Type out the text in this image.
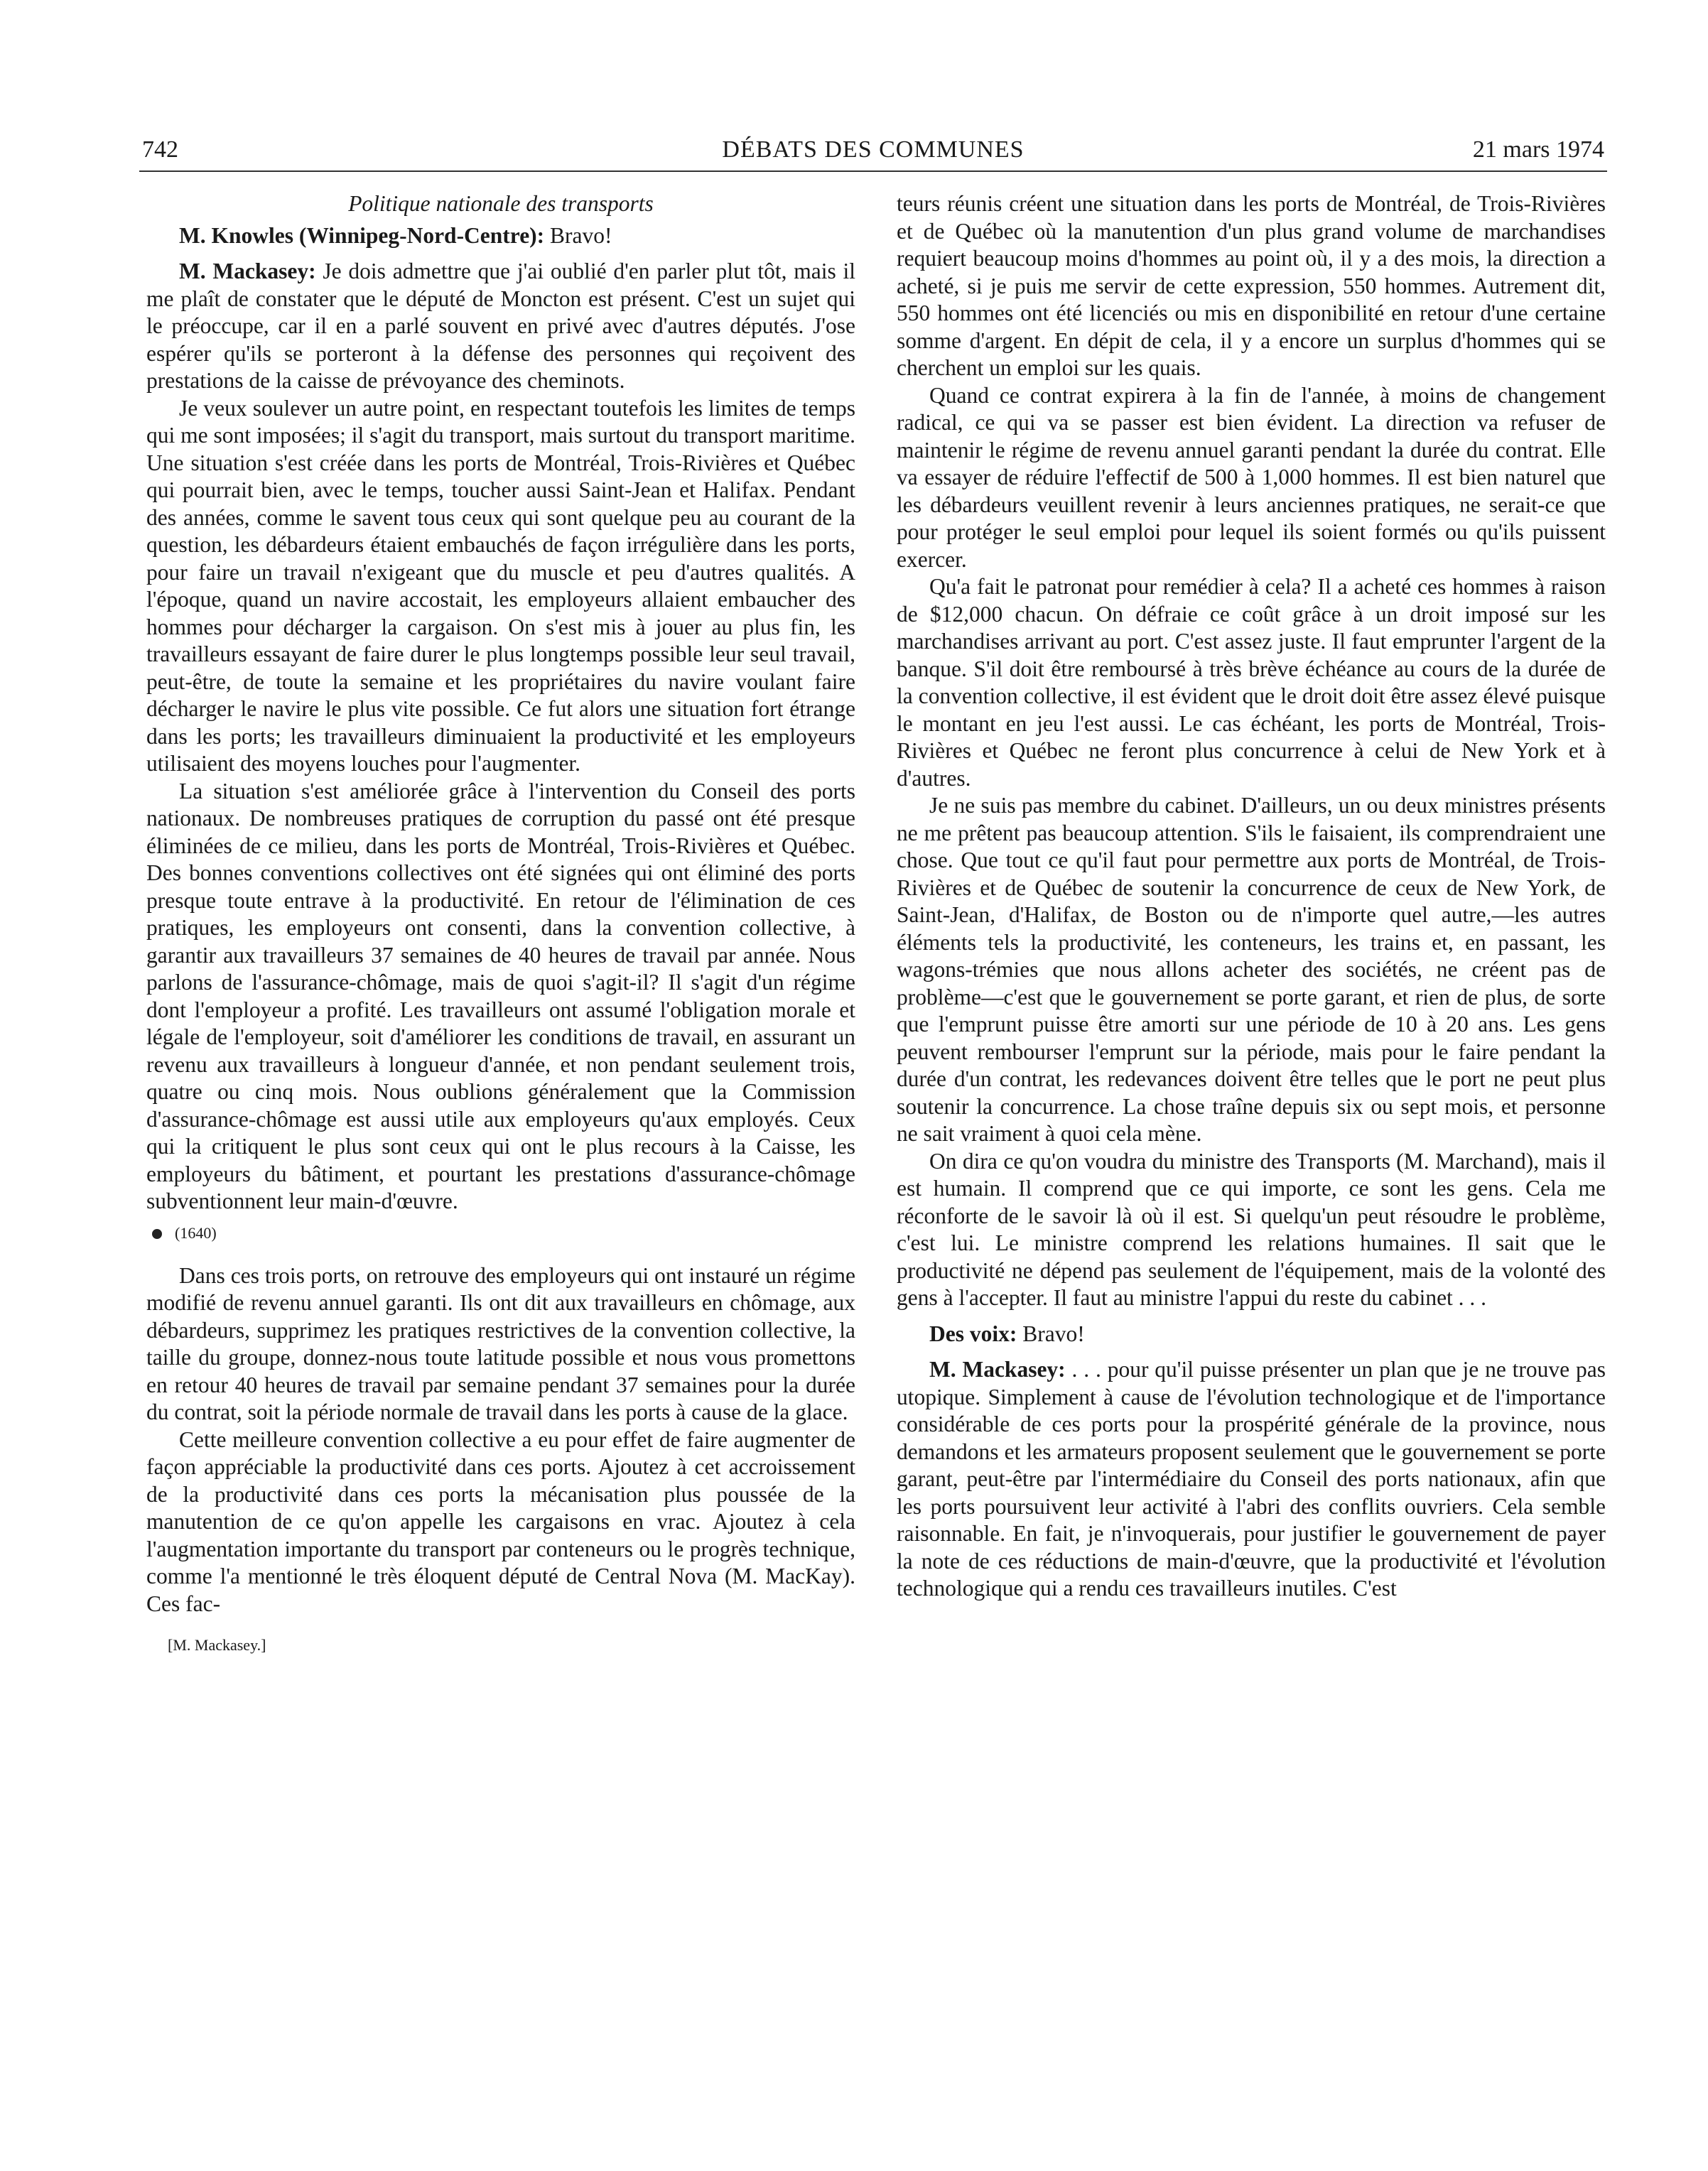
742	DÉBATS DES COMMUNES	21 mars 1974
Politique nationale des transports

M. Knowles (Winnipeg-Nord-Centre): Bravo!

M. Mackasey: Je dois admettre que j'ai oublié d'en parler plut tôt, mais il me plaît de constater que le député de Moncton est présent. C'est un sujet qui le préoccupe, car il en a parlé souvent en privé avec d'autres députés. J'ose espérer qu'ils se porteront à la défense des personnes qui reçoivent des prestations de la caisse de prévoyance des cheminots.

Je veux soulever un autre point, en respectant toutefois les limites de temps qui me sont imposées; il s'agit du transport, mais surtout du transport maritime. Une situation s'est créée dans les ports de Montréal, Trois-Rivières et Québec qui pourrait bien, avec le temps, toucher aussi Saint-Jean et Halifax. Pendant des années, comme le savent tous ceux qui sont quelque peu au courant de la question, les débardeurs étaient embauchés de façon irrégulière dans les ports, pour faire un travail n'exigeant que du muscle et peu d'autres qualités. A l'époque, quand un navire accostait, les employeurs allaient embaucher des hommes pour décharger la cargaison. On s'est mis à jouer au plus fin, les travailleurs essayant de faire durer le plus longtemps possible leur seul travail, peut-être, de toute la semaine et les propriétaires du navire voulant faire décharger le navire le plus vite possible. Ce fut alors une situation fort étrange dans les ports; les travailleurs diminuaient la productivité et les employeurs utilisaient des moyens louches pour l'augmenter.

La situation s'est améliorée grâce à l'intervention du Conseil des ports nationaux. De nombreuses pratiques de corruption du passé ont été presque éliminées de ce milieu, dans les ports de Montréal, Trois-Rivières et Québec. Des bonnes conventions collectives ont été signées qui ont éliminé des ports presque toute entrave à la productivité. En retour de l'élimination de ces pratiques, les employeurs ont consenti, dans la convention collective, à garantir aux travailleurs 37 semaines de 40 heures de travail par année. Nous parlons de l'assurance-chômage, mais de quoi s'agit-il? Il s'agit d'un régime dont l'employeur a profité. Les travailleurs ont assumé l'obligation morale et légale de l'employeur, soit d'améliorer les conditions de travail, en assurant un revenu aux travailleurs à longueur d'année, et non pendant seulement trois, quatre ou cinq mois. Nous oublions généralement que la Commission d'assurance-chômage est aussi utile aux employeurs qu'aux employés. Ceux qui la critiquent le plus sont ceux qui ont le plus recours à la Caisse, les employeurs du bâtiment, et pourtant les prestations d'assurance-chômage subventionnent leur main-d'œuvre.

(1640)

Dans ces trois ports, on retrouve des employeurs qui ont instauré un régime modifié de revenu annuel garanti. Ils ont dit aux travailleurs en chômage, aux débardeurs, supprimez les pratiques restrictives de la convention collective, la taille du groupe, donnez-nous toute latitude possible et nous vous promettons en retour 40 heures de travail par semaine pendant 37 semaines pour la durée du contrat, soit la période normale de travail dans les ports à cause de la glace.

Cette meilleure convention collective a eu pour effet de faire augmenter de façon appréciable la productivité dans ces ports. Ajoutez à cet accroissement de la productivité dans ces ports la mécanisation plus poussée de la manutention de ce qu'on appelle les cargaisons en vrac. Ajoutez à cela l'augmentation importante du transport par conteneurs ou le progrès technique, comme l'a mentionné le très éloquent député de Central Nova (M. MacKay). Ces fac-

[M. Mackasey.]

teurs réunis créent une situation dans les ports de Montréal, de Trois-Rivières et de Québec où la manutention d'un plus grand volume de marchandises requiert beaucoup moins d'hommes au point où, il y a des mois, la direction a acheté, si je puis me servir de cette expression, 550 hommes. Autrement dit, 550 hommes ont été licenciés ou mis en disponibilité en retour d'une certaine somme d'argent. En dépit de cela, il y a encore un surplus d'hommes qui se cherchent un emploi sur les quais.

Quand ce contrat expirera à la fin de l'année, à moins de changement radical, ce qui va se passer est bien évident. La direction va refuser de maintenir le régime de revenu annuel garanti pendant la durée du contrat. Elle va essayer de réduire l'effectif de 500 à 1,000 hommes. Il est bien naturel que les débardeurs veuillent revenir à leurs anciennes pratiques, ne serait-ce que pour protéger le seul emploi pour lequel ils soient formés ou qu'ils puissent exercer.

Qu'a fait le patronat pour remédier à cela? Il a acheté ces hommes à raison de $12,000 chacun. On défraie ce coût grâce à un droit imposé sur les marchandises arrivant au port. C'est assez juste. Il faut emprunter l'argent de la banque. S'il doit être remboursé à très brève échéance au cours de la durée de la convention collective, il est évident que le droit doit être assez élevé puisque le montant en jeu l'est aussi. Le cas échéant, les ports de Montréal, Trois-Rivières et Québec ne feront plus concurrence à celui de New York et à d'autres.

Je ne suis pas membre du cabinet. D'ailleurs, un ou deux ministres présents ne me prêtent pas beaucoup attention. S'ils le faisaient, ils comprendraient une chose. Que tout ce qu'il faut pour permettre aux ports de Montréal, de Trois-Rivières et de Québec de soutenir la concurrence de ceux de New York, de Saint-Jean, d'Halifax, de Boston ou de n'importe quel autre,—les autres éléments tels la productivité, les conteneurs, les trains et, en passant, les wagons-trémies que nous allons acheter des sociétés, ne créent pas de problème—c'est que le gouvernement se porte garant, et rien de plus, de sorte que l'emprunt puisse être amorti sur une période de 10 à 20 ans. Les gens peuvent rembourser l'emprunt sur la période, mais pour le faire pendant la durée d'un contrat, les redevances doivent être telles que le port ne peut plus soutenir la concurrence. La chose traîne depuis six ou sept mois, et personne ne sait vraiment à quoi cela mène.

On dira ce qu'on voudra du ministre des Transports (M. Marchand), mais il est humain. Il comprend que ce qui importe, ce sont les gens. Cela me réconforte de le savoir là où il est. Si quelqu'un peut résoudre le problème, c'est lui. Le ministre comprend les relations humaines. Il sait que le productivité ne dépend pas seulement de l'équipement, mais de la volonté des gens à l'accepter. Il faut au ministre l'appui du reste du cabinet . . .

Des voix: Bravo!

M. Mackasey: . . . pour qu'il puisse présenter un plan que je ne trouve pas utopique. Simplement à cause de l'évolution technologique et de l'importance considérable de ces ports pour la prospérité générale de la province, nous demandons et les armateurs proposent seulement que le gouvernement se porte garant, peut-être par l'intermédiaire du Conseil des ports nationaux, afin que les ports poursuivent leur activité à l'abri des conflits ouvriers. Cela semble raisonnable. En fait, je n'invoquerais, pour justifier le gouvernement de payer la note de ces réductions de main-d'œuvre, que la productivité et l'évolution technologique qui a rendu ces travailleurs inutiles. C'est
